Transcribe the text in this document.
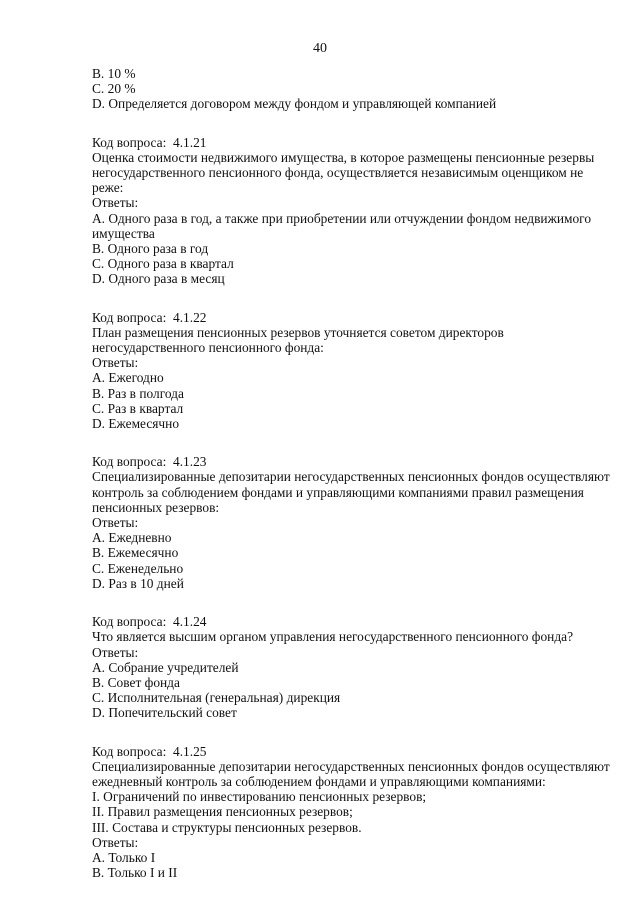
40
B. 10 %
C. 20 %
D. Определяется договором между фондом и управляющей компанией
Код вопроса:  4.1.21
Оценка стоимости недвижимого имущества, в которое размещены пенсионные резервы
негосударственного пенсионного фонда, осуществляется независимым оценщиком не
реже:
Ответы:
A. Одного раза в год, а также при приобретении или отчуждении фондом недвижимого
имущества
B. Одного раза в год
C. Одного раза в квартал
D. Одного раза в месяц
Код вопроса:  4.1.22
План размещения пенсионных резервов уточняется советом директоров
негосударственного пенсионного фонда:
Ответы:
A. Ежегодно
B. Раз в полгода
C. Раз в квартал
D. Ежемесячно
Код вопроса:  4.1.23
Специализированные депозитарии негосударственных пенсионных фондов осуществляют
контроль за соблюдением фондами и управляющими компаниями правил размещения
пенсионных резервов:
Ответы:
A. Ежедневно
B. Ежемесячно
C. Еженедельно
D. Раз в 10 дней
Код вопроса:  4.1.24
Что является высшим органом управления негосударственного пенсионного фонда?
Ответы:
A. Собрание учредителей
B. Совет фонда
C. Исполнительная (генеральная) дирекция
D. Попечительский совет
Код вопроса:  4.1.25
Специализированные депозитарии негосударственных пенсионных фондов осуществляют
ежедневный контроль за соблюдением фондами и управляющими компаниями:
I. Ограничений по инвестированию пенсионных резервов;
II. Правил размещения пенсионных резервов;
III. Состава и структуры пенсионных резервов.
Ответы:
A. Только I
B. Только I и II
